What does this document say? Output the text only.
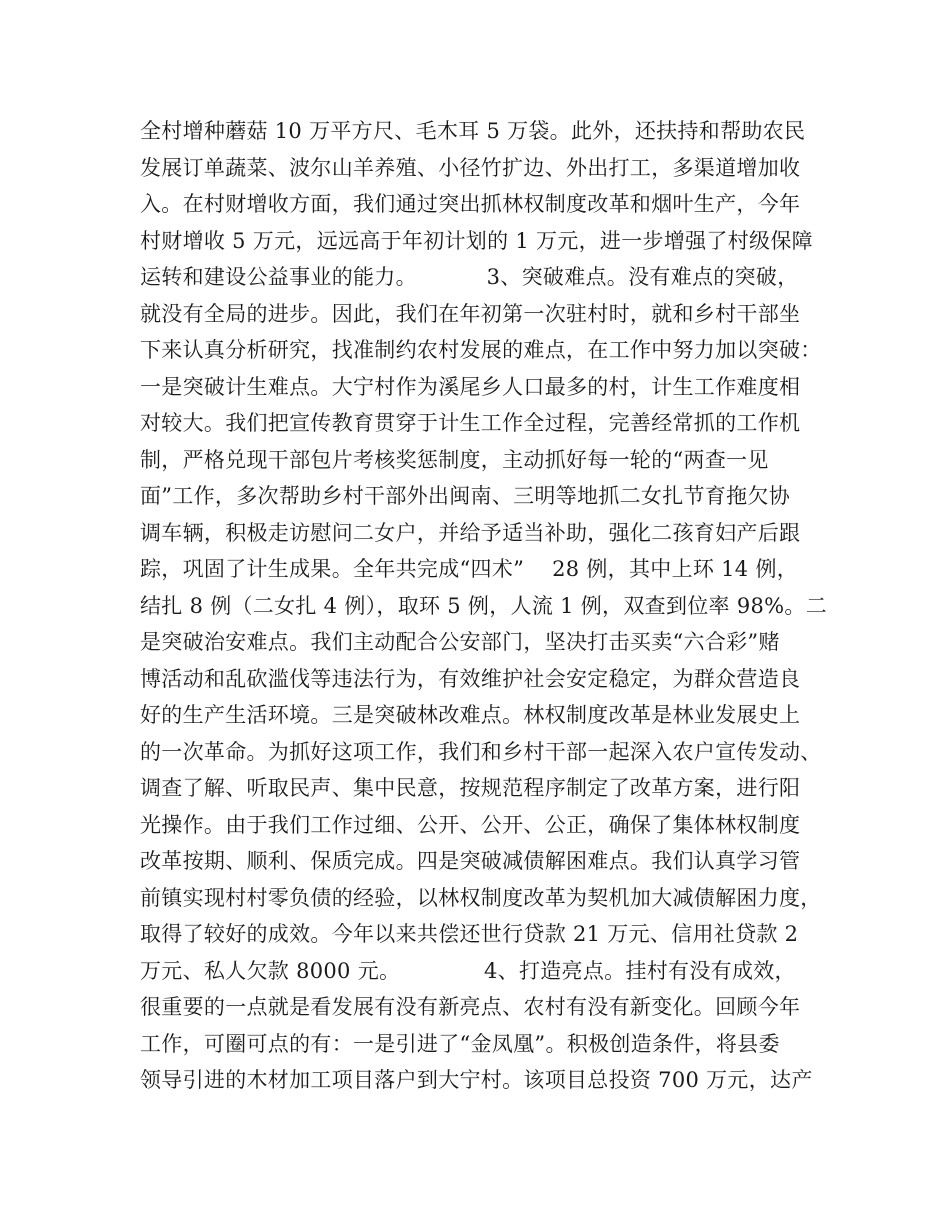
全村增种蘑菇 10 万平方尺、毛木耳 5 万袋。此外，还扶持和帮助农民
发展订单蔬菜、波尔山羊养殖、小径竹扩边、外出打工，多渠道增加收
入。在村财增收方面，我们通过突出抓林权制度改革和烟叶生产，今年
村财增收 5 万元，远远高于年初计划的 1 万元，进一步增强了村级保障
运转和建设公益事业的能力。          3、突破难点。没有难点的突破，
就没有全局的进步。因此，我们在年初第一次驻村时，就和乡村干部坐
下来认真分析研究，找准制约农村发展的难点，在工作中努力加以突破：
一是突破计生难点。大宁村作为溪尾乡人口最多的村，计生工作难度相
对较大。我们把宣传教育贯穿于计生工作全过程，完善经常抓的工作机
制，严格兑现干部包片考核奖惩制度，主动抓好每一轮的“两查一见
面”工作，多次帮助乡村干部外出闽南、三明等地抓二女扎节育拖欠协
调车辆，积极走访慰问二女户，并给予适当补助，强化二孩育妇产后跟
踪，巩固了计生成果。全年共完成“四术”    28 例，其中上环 14 例，
结扎 8 例（二女扎 4 例），取环 5 例，人流 1 例，双查到位率 98%。二
是突破治安难点。我们主动配合公安部门，坚决打击买卖“六合彩”赌
博活动和乱砍滥伐等违法行为，有效维护社会安定稳定，为群众营造良
好的生产生活环境。三是突破林改难点。林权制度改革是林业发展史上
的一次革命。为抓好这项工作，我们和乡村干部一起深入农户宣传发动、
调查了解、听取民声、集中民意，按规范程序制定了改革方案，进行阳
光操作。由于我们工作过细、公开、公开、公正，确保了集体林权制度
改革按期、顺利、保质完成。四是突破减债解困难点。我们认真学习管
前镇实现村村零负债的经验，以林权制度改革为契机加大减债解困力度，
取得了较好的成效。今年以来共偿还世行贷款 21 万元、信用社贷款 2
万元、私人欠款 8000 元。            4、打造亮点。挂村有没有成效，
很重要的一点就是看发展有没有新亮点、农村有没有新变化。回顾今年
工作，可圈可点的有：一是引进了“金凤凰”。积极创造条件，将县委
领导引进的木材加工项目落户到大宁村。该项目总投资 700 万元，达产
